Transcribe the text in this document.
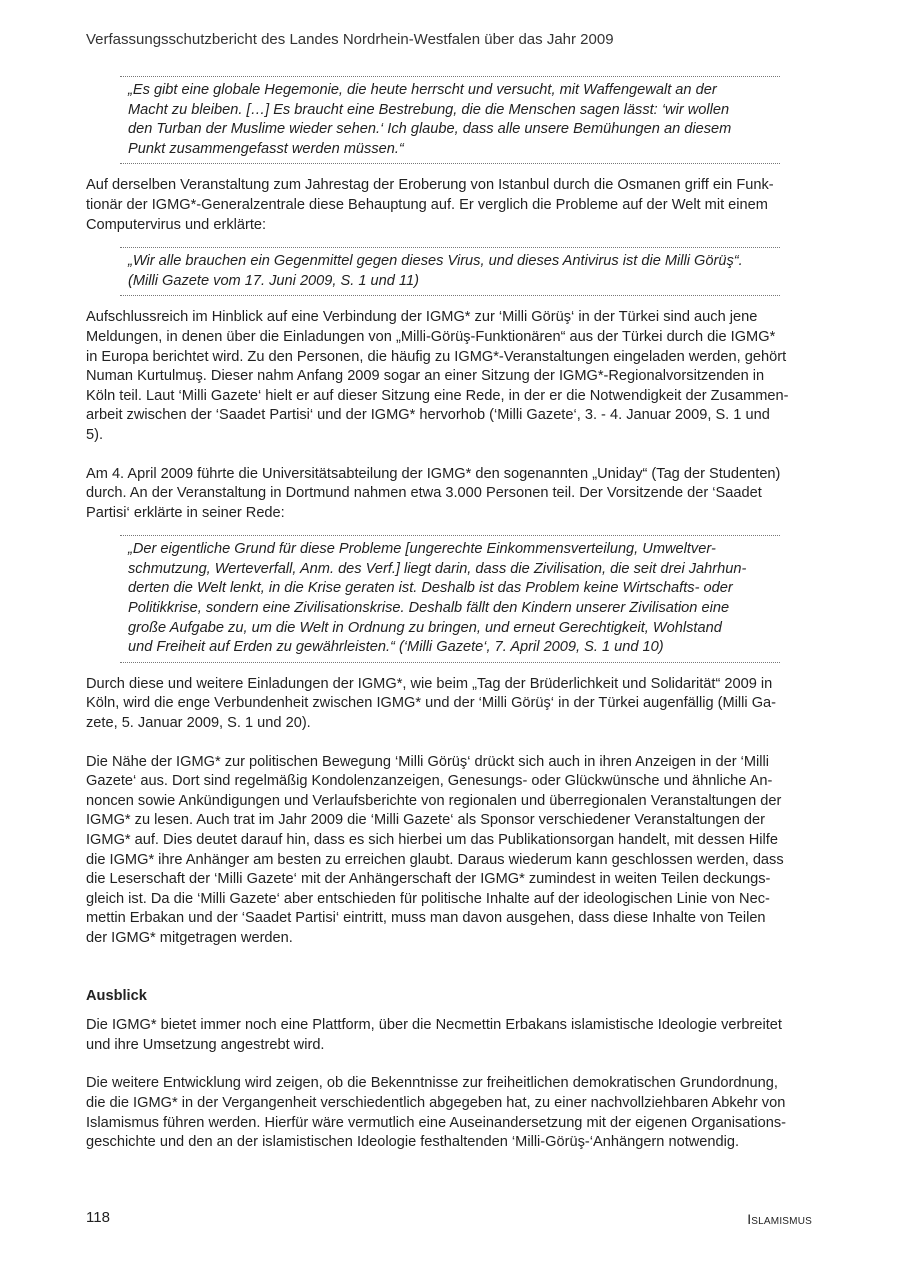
Verfassungsschutzbericht des Landes Nordrhein-Westfalen über das Jahr 2009
„Es gibt eine globale Hegemonie, die heute herrscht und versucht, mit Waffengewalt an der
Macht zu bleiben. […] Es braucht eine Bestrebung, die die Menschen sagen lässt: ‘wir wollen
den Turban der Muslime wieder sehen.‘ Ich glaube, dass alle unsere Bemühungen an diesem
Punkt zusammengefasst werden müssen.“

Auf derselben Veranstaltung zum Jahrestag der Eroberung von Istanbul durch die Osmanen griff ein Funk-
tionär der IGMG*-Generalzentrale diese Behauptung auf. Er verglich die Probleme auf der Welt mit einem
Computervirus und erklärte:

„Wir alle brauchen ein Gegenmittel gegen dieses Virus, und dieses Antivirus ist die Milli Görüş“.
(Milli Gazete vom 17. Juni 2009, S. 1 und 11)

Aufschlussreich im Hinblick auf eine Verbindung der IGMG* zur ‘Milli Görüş‘ in der Türkei sind auch jene
Meldungen, in denen über die Einladungen von „Milli-Görüş-Funktionären“ aus der Türkei durch die IGMG*
in Europa berichtet wird. Zu den Personen, die häufig zu IGMG*-Veranstaltungen eingeladen werden, gehört
Numan Kurtulmuş. Dieser nahm Anfang 2009 sogar an einer Sitzung der IGMG*-Regionalvorsitzenden in
Köln teil. Laut ‘Milli Gazete‘ hielt er auf dieser Sitzung eine Rede, in der er die Notwendigkeit der Zusammen-
arbeit zwischen der ‘Saadet Partisi‘ und der IGMG* hervorhob (‘Milli Gazete‘, 3. - 4. Januar 2009, S. 1 und
5).

Am 4. April 2009 führte die Universitätsabteilung der IGMG* den sogenannten „Uniday“ (Tag der Studenten)
durch. An der Veranstaltung in Dortmund nahmen etwa 3.000 Personen teil. Der Vorsitzende der ‘Saadet
Partisi‘ erklärte in seiner Rede:

„Der eigentliche Grund für diese Probleme [ungerechte Einkommensverteilung, Umweltver-
schmutzung, Werteverfall, Anm. des Verf.] liegt darin, dass die Zivilisation, die seit drei Jahrhun-
derten die Welt lenkt, in die Krise geraten ist. Deshalb ist das Problem keine Wirtschafts- oder
Politikkrise, sondern eine Zivilisationskrise. Deshalb fällt den Kindern unserer Zivilisation eine
große Aufgabe zu, um die Welt in Ordnung zu bringen, und erneut Gerechtigkeit, Wohlstand
und Freiheit auf Erden zu gewährleisten.“ (‘Milli Gazete‘, 7. April 2009, S. 1 und 10)

Durch diese und weitere Einladungen der IGMG*, wie beim „Tag der Brüderlichkeit und Solidarität“ 2009 in
Köln, wird die enge Verbundenheit zwischen IGMG* und der ‘Milli Görüş‘ in der Türkei augenfällig (Milli Ga-
zete, 5. Januar 2009, S. 1 und 20).

Die Nähe der IGMG* zur politischen Bewegung ‘Milli Görüş‘ drückt sich auch in ihren Anzeigen in der ‘Milli
Gazete‘ aus. Dort sind regelmäßig Kondolenzanzeigen, Genesungs- oder Glückwünsche und ähnliche An-
noncen sowie Ankündigungen und Verlaufsberichte von regionalen und überregionalen Veranstaltungen der
IGMG* zu lesen. Auch trat im Jahr 2009 die ‘Milli Gazete‘ als Sponsor verschiedener Veranstaltungen der
IGMG* auf. Dies deutet darauf hin, dass es sich hierbei um das Publikationsorgan handelt, mit dessen Hilfe
die IGMG* ihre Anhänger am besten zu erreichen glaubt. Daraus wiederum kann geschlossen werden, dass
die Leserschaft der ‘Milli Gazete‘ mit der Anhängerschaft der IGMG* zumindest in weiten Teilen deckungs-
gleich ist. Da die ‘Milli Gazete‘ aber entschieden für politische Inhalte auf der ideologischen Linie von Nec-
mettin Erbakan und der ‘Saadet Partisi‘ eintritt, muss man davon ausgehen, dass diese Inhalte von Teilen
der IGMG* mitgetragen werden.

Ausblick

Die IGMG* bietet immer noch eine Plattform, über die Necmettin Erbakans islamistische Ideologie verbreitet
und ihre Umsetzung angestrebt wird.

Die weitere Entwicklung wird zeigen, ob die Bekenntnisse zur freiheitlichen demokratischen Grundordnung,
die die IGMG* in der Vergangenheit verschiedentlich abgegeben hat, zu einer nachvollziehbaren Abkehr von
Islamismus führen werden. Hierfür wäre vermutlich eine Auseinandersetzung mit der eigenen Organisations-
geschichte und den an der islamistischen Ideologie festhaltenden ‘Milli-Görüş-‘Anhängern notwendig.

118	Islamismus
